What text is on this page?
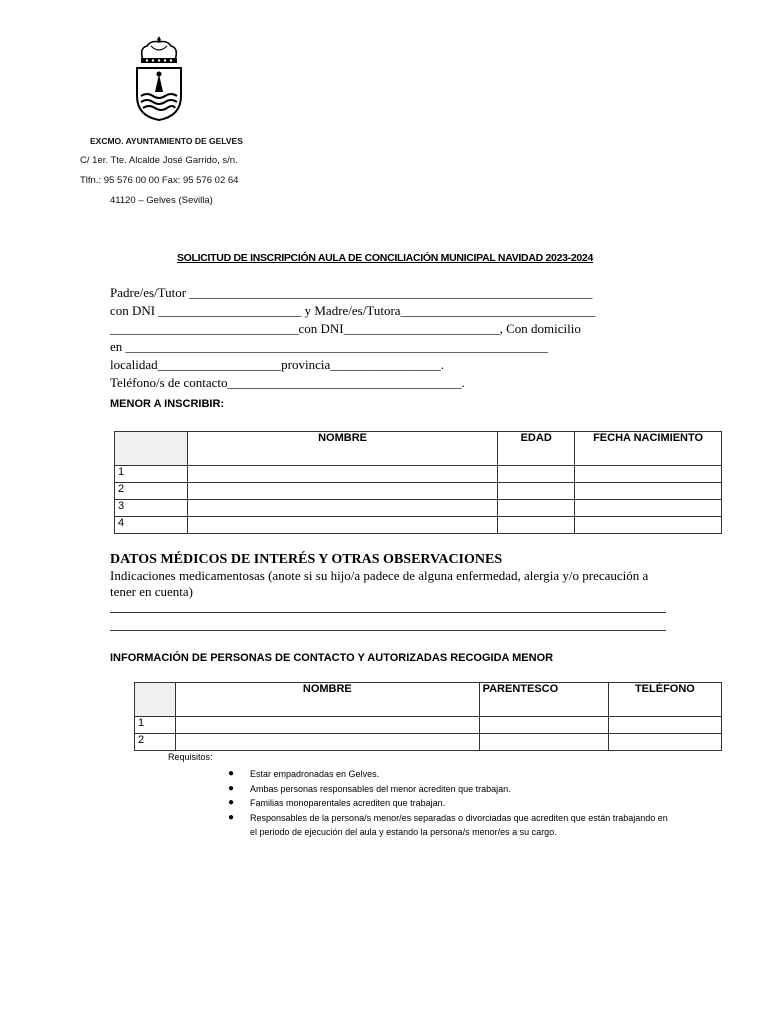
EXCMO. AYUNTAMIENTO DE GELVES
C/ 1er. Tte. Alcalde José Garrido, s/n.
Tlfn.: 95 576 00 00 Fax: 95 576 02 64
41120 – Gelves (Sevilla)
SOLICITUD DE INSCRIPCIÓN AULA DE CONCILIACIÓN MUNICIPAL NAVIDAD 2023-2024
Padre/es/Tutor ______________________________________________________________
con DNI ______________________ y Madre/es/Tutora______________________________
_____________________________con DNI________________________, Con domicilio
en _________________________________________________________________
localidad___________________provincia_________________.
Teléfono/s de contacto____________________________________.
MENOR A INSCRIBIR:
	NOMBRE	EDAD	FECHA NACIMIENTO
1			
2			
3			
4			
DATOS MÉDICOS DE INTERÉS Y OTRAS OBSERVACIONES
Indicaciones medicamentosas (anote si su hijo/a padece de alguna enfermedad, alergia y/o precaución a tener en cuenta)
INFORMACIÓN DE PERSONAS DE CONTACTO Y AUTORIZADAS RECOGIDA MENOR
	NOMBRE	PARENTESCO	TELÉFONO
1			
2			
Requisitos:
● Estar empadronadas en Gelves.
● Ambas personas responsables del menor acrediten que trabajan.
● Familias monoparentales acrediten que trabajan.
● Responsables de la persona/s menor/es separadas o divorciadas que acrediten que están trabajando en el periodo de ejecución del aula y estando la persona/s menor/es a su cargo.
